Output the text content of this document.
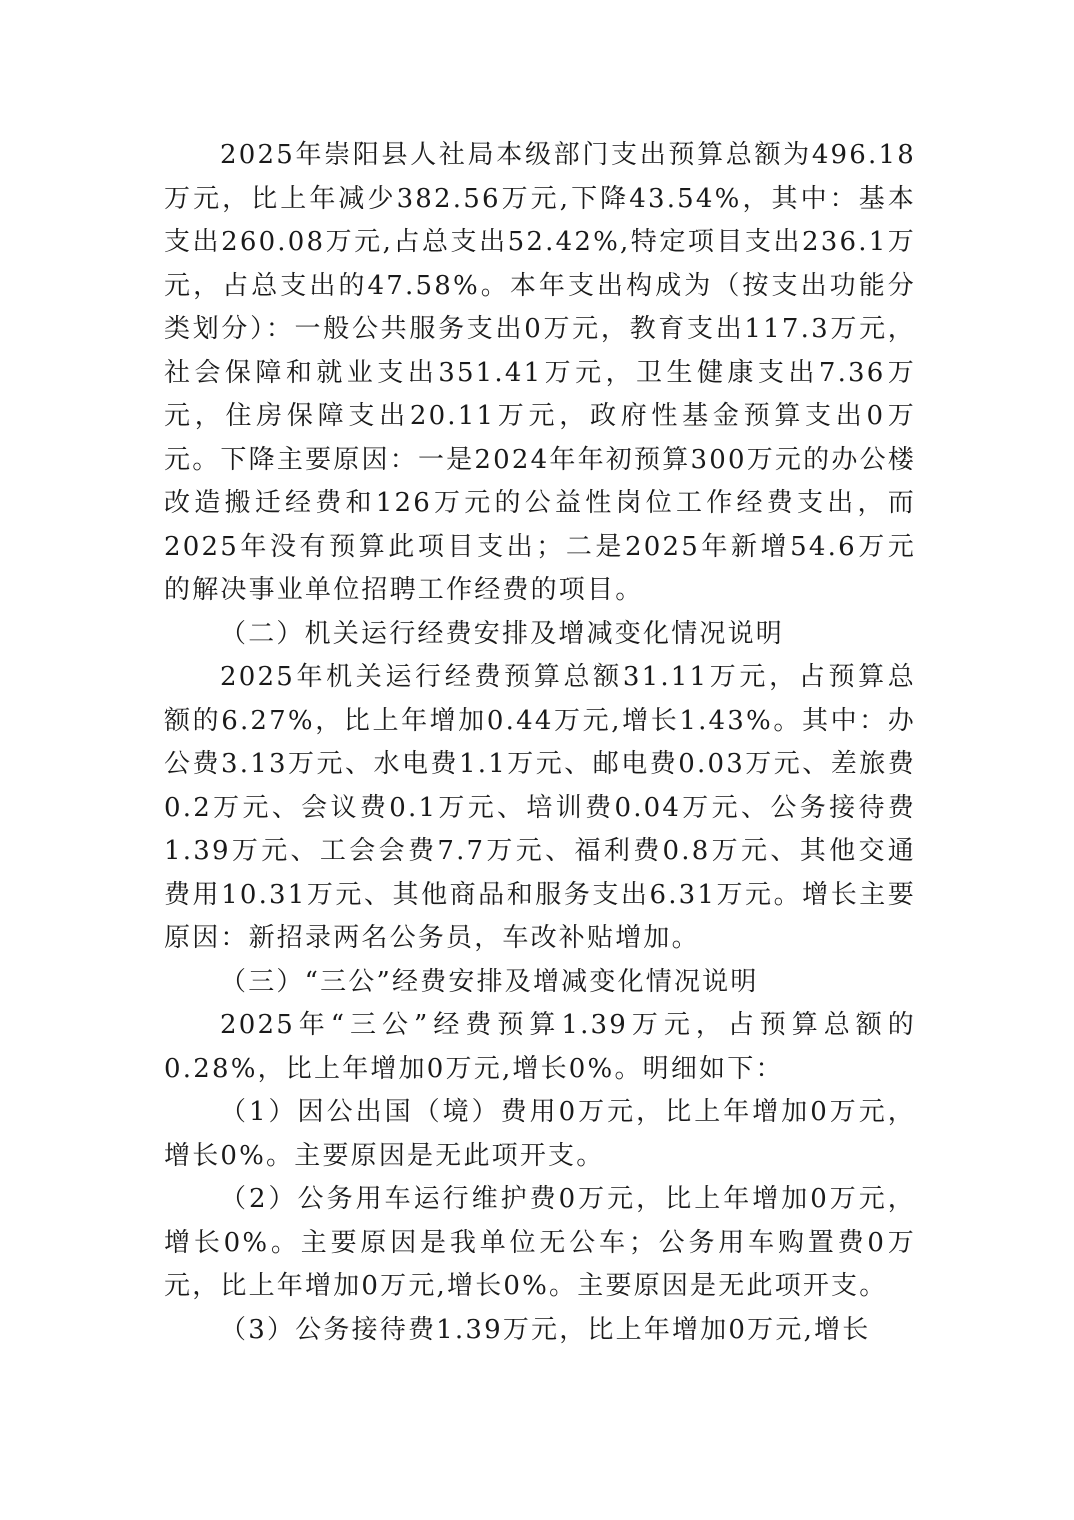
2025年崇阳县人社局本级部门支出预算总额为496.18万元，比上年减少382.56万元,下降43.54%，其中：基本支出260.08万元,占总支出52.42%,特定项目支出236.1万元，占总支出的47.58%。本年支出构成为（按支出功能分类划分）：一般公共服务支出0万元，教育支出117.3万元，社会保障和就业支出351.41万元，卫生健康支出7.36万元，住房保障支出20.11万元，政府性基金预算支出0万元。下降主要原因：一是2024年年初预算300万元的办公楼改造搬迁经费和126万元的公益性岗位工作经费支出，而2025年没有预算此项目支出；二是2025年新增54.6万元的解决事业单位招聘工作经费的项目。

（二）机关运行经费安排及增减变化情况说明

2025年机关运行经费预算总额31.11万元，占预算总额的6.27%，比上年增加0.44万元,增长1.43%。其中：办公费3.13万元、水电费1.1万元、邮电费0.03万元、差旅费0.2万元、会议费0.1万元、培训费0.04万元、公务接待费1.39万元、工会会费7.7万元、福利费0.8万元、其他交通费用10.31万元、其他商品和服务支出6.31万元。增长主要原因：新招录两名公务员，车改补贴增加。

（三）“三公”经费安排及增减变化情况说明

2025年“三公”经费预算1.39万元，占预算总额的0.28%，比上年增加0万元,增长0%。明细如下：

（1）因公出国（境）费用0万元，比上年增加0万元，增长0%。主要原因是无此项开支。

（2）公务用车运行维护费0万元，比上年增加0万元，增长0%。主要原因是我单位无公车；公务用车购置费0万元，比上年增加0万元,增长0%。主要原因是无此项开支。

（3）公务接待费1.39万元，比上年增加0万元,增长
